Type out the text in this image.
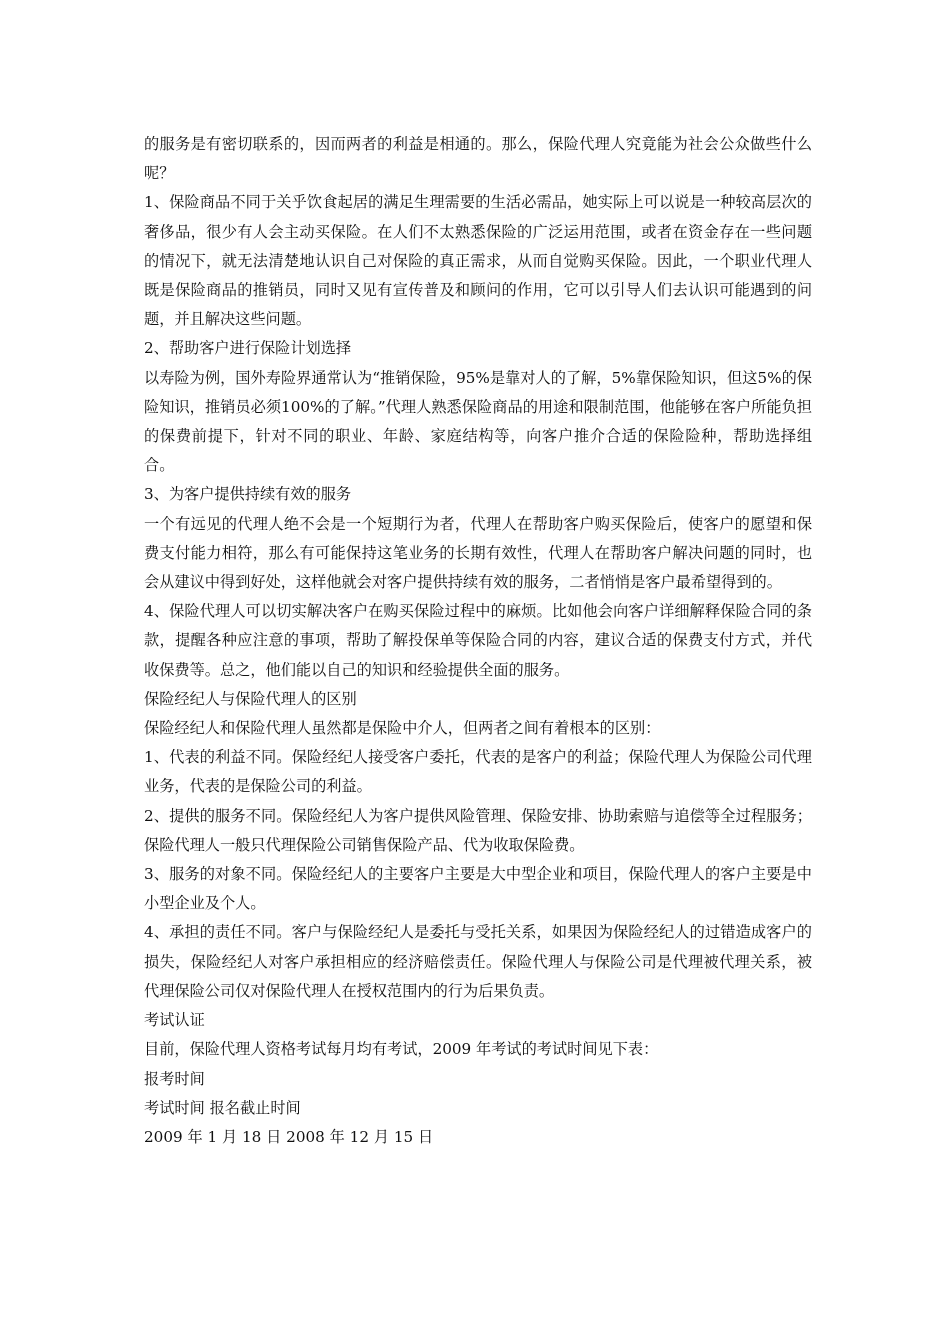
的服务是有密切联系的，因而两者的利益是相通的。那么，保险代理人究竟能为社会公众做些什么呢？

1、保险商品不同于关乎饮食起居的满足生理需要的生活必需品，她实际上可以说是一种较高层次的奢侈品，很少有人会主动买保险。在人们不太熟悉保险的广泛运用范围，或者在资金存在一些问题的情况下，就无法清楚地认识自己对保险的真正需求，从而自觉购买保险。因此，一个职业代理人既是保险商品的推销员，同时又见有宣传普及和顾问的作用，它可以引导人们去认识可能遇到的问题，并且解决这些问题。

2、帮助客户进行保险计划选择

以寿险为例，国外寿险界通常认为“推销保险，95%是靠对人的了解，5%靠保险知识，但这5%的保险知识，推销员必须100%的了解。”代理人熟悉保险商品的用途和限制范围，他能够在客户所能负担的保费前提下，针对不同的职业、年龄、家庭结构等，向客户推介合适的保险险种，帮助选择组合。

3、为客户提供持续有效的服务

一个有远见的代理人绝不会是一个短期行为者，代理人在帮助客户购买保险后，使客户的愿望和保费支付能力相符，那么有可能保持这笔业务的长期有效性，代理人在帮助客户解决问题的同时，也会从建议中得到好处，这样他就会对客户提供持续有效的服务，二者悄悄是客户最希望得到的。

4、保险代理人可以切实解决客户在购买保险过程中的麻烦。比如他会向客户详细解释保险合同的条款，提醒各种应注意的事项，帮助了解投保单等保险合同的内容，建议合适的保费支付方式，并代收保费等。总之，他们能以自己的知识和经验提供全面的服务。

保险经纪人与保险代理人的区别

保险经纪人和保险代理人虽然都是保险中介人，但两者之间有着根本的区别：

1、代表的利益不同。保险经纪人接受客户委托，代表的是客户的利益；保险代理人为保险公司代理业务，代表的是保险公司的利益。

2、提供的服务不同。保险经纪人为客户提供风险管理、保险安排、协助索赔与追偿等全过程服务；保险代理人一般只代理保险公司销售保险产品、代为收取保险费。

3、服务的对象不同。保险经纪人的主要客户主要是大中型企业和项目，保险代理人的客户主要是中小型企业及个人。

4、承担的责任不同。客户与保险经纪人是委托与受托关系，如果因为保险经纪人的过错造成客户的损失，保险经纪人对客户承担相应的经济赔偿责任。保险代理人与保险公司是代理被代理关系，被代理保险公司仅对保险代理人在授权范围内的行为后果负责。

考试认证

目前，保险代理人资格考试每月均有考试，2009 年考试的考试时间见下表：

报考时间

考试时间 报名截止时间

2009 年 1 月 18 日 2008 年 12 月 15 日
